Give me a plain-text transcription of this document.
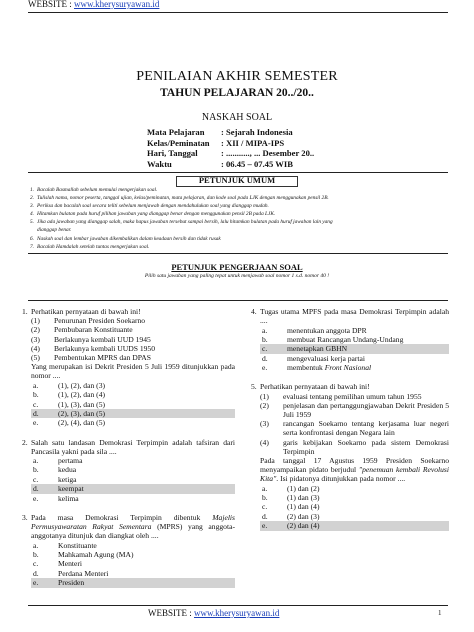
WEBSITE : www.kherysuryawan.id
PENILAIAN AKHIR SEMESTER
TAHUN PELAJARAN 20../20..
NASKAH SOAL
Mata Pelajaran	: Sejarah Indonesia
Kelas/Peminatan	: XII / MIPA-IPS
Hari, Tanggal	: ..........., ... Desember 20..
Waktu	: 06.45 – 07.45 WIB
PETUNJUK UMUM
1. Bacalah Basmallah sebelum memulai mengerjakan soal.
2. Tulislah nama, nomor peserta, tanggal ujian, kelas/peminatan, mata pelajaran, dan kode soal pada LJK dengan menggunakan pensil 2B.
3. Periksa dan bacalah soal secara teliti sebelum menjawab dengan mendahulukan soal yang dianggap mudah.
4. Hitamkan bulatan pada huruf pilihan jawaban yang dianggap benar dengan menggunakan pensil 2B pada LJK.
5. Jika ada jawaban yang dianggap salah, maka hapus jawaban tersebut sampai bersih, lalu hitamkan bulatan pada huruf jawaban lain yang
dianggap benar.
6. Naskah soal dan lembar jawaban dikembalikan dalam keadaan bersih dan tidak rusak
7. Bacalah Hamdalah setelah tuntas mengerjakan soal.
PETUNJUK PENGERJAAN SOAL
Pilih satu jawaban yang paling tepat untuk menjawab soal nomor 1 s.d. nomor 40 !
1. Perhatikan pernyataan di bawah ini!
(1)	Penurunan Presiden Soekarno
(2)	Pembubaran Konstituante
(3)	Berlakunya kembali UUD 1945
(4)	Berlakunya kembali UUDS 1950
(5)	Pembentukan MPRS dan DPAS
Yang merupakan isi Dekrit Presiden 5 Juli 1959 ditunjukkan pada nomor ....
a.	(1), (2), dan (3)
b.	(1), (2), dan (4)
c.	(1), (3), dan (5)
d.	(2), (3), dan (5)
e.	(2), (4), dan (5)
2. Salah satu landasan Demokrasi Terpimpin adalah tafsiran dari Pancasila yakni pada sila ....
a.	pertama
b.	kedua
c.	ketiga
d.	keempat
e.	kelima
3. Pada masa Demokrasi Terpimpin dibentuk Majelis Permusyawaratan Rakyat Sementara (MPRS) yang anggota-anggotanya ditunjuk dan diangkat oleh ....
a.	Konstituante
b.	Mahkamah Agung (MA)
c.	Menteri
d.	Perdana Menteri
e.	Presiden
4. Tugas utama MPFS pada masa Demokrasi Terpimpin adalah ....
a.	menentukan anggota DPR
b.	membuat Rancangan Undang-Undang
c.	menetapkan GBHN
d.	mengevaluasi kerja partai
e.	membentuk Front Nasional
5. Perhatikan pernyataan di bawah ini!
(1)	evaluasi tentang pemilihan umum tahun 1955
(2)	penjelasan dan pertanggungjawaban Dekrit Presiden 5 Juli 1959
(3)	rancangan Soekarno tentang kerjasama luar negeri serta konfrontasi dengan Negara lain
(4)	garis kebijakan Soekarno pada sistem Demokrasi Terpimpin
Pada tanggal 17 Agustus 1959 Presiden Soekarno menyampaikan pidato berjudul "penemuan kembali Revolusi Kita". Isi pidatonya ditunjukkan pada nomor ....
a.	(1) dan (2)
b.	(1) dan (3)
c.	(1) dan (4)
d.	(2) dan (3)
e.	(2) dan (4)
WEBSITE : www.kherysuryawan.id	1
